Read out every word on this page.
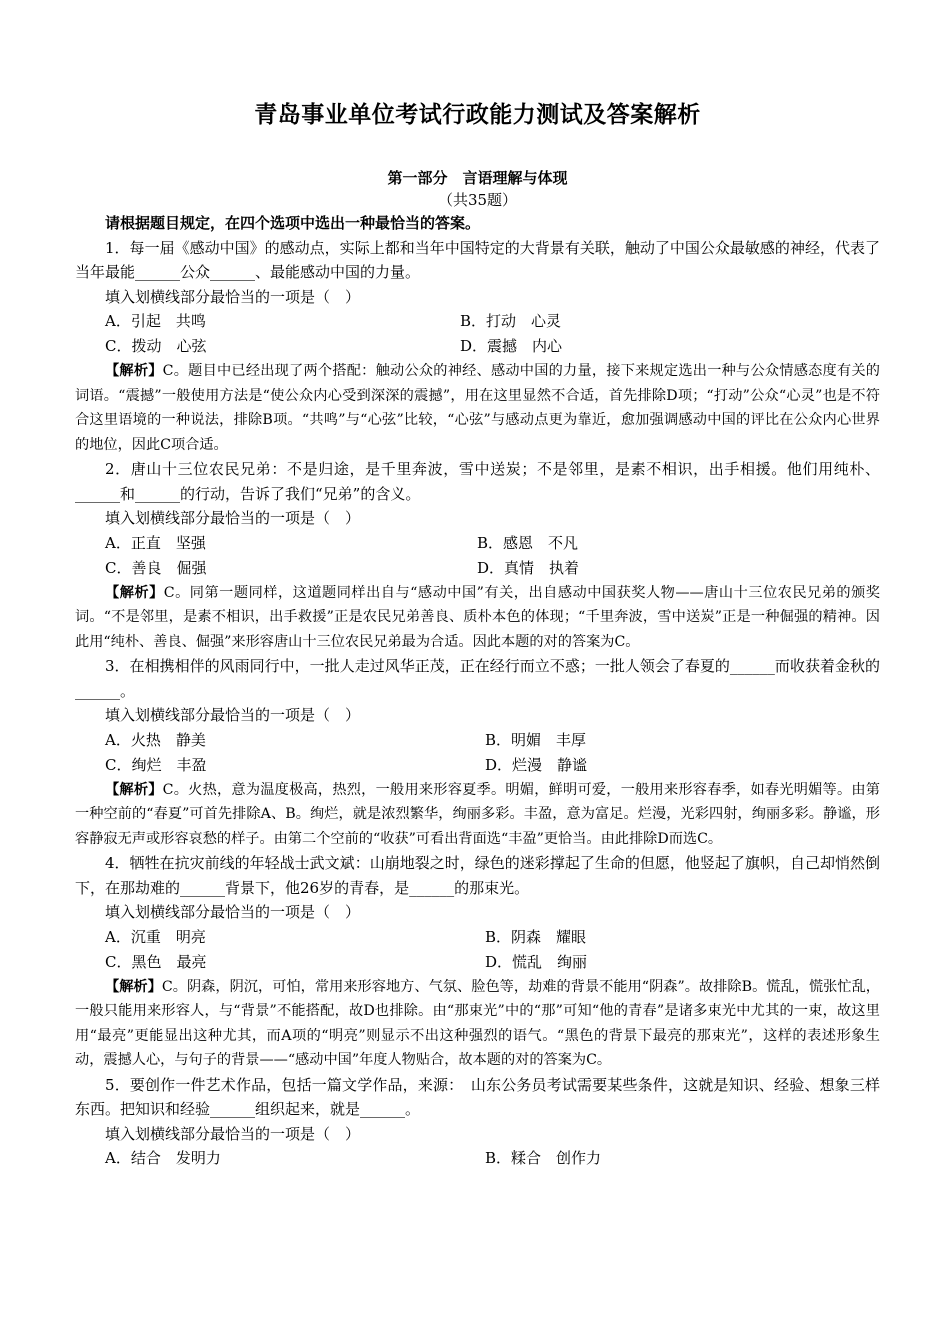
青岛事业单位考试行政能力测试及答案解析
第一部分　言语理解与体现
（共35题）
请根据题目规定，在四个选项中选出一种最恰当的答案。
1．每一届《感动中国》的感动点，实际上都和当年中国特定的大背景有关联，触动了中国公众最敏感的神经，代表了当年最能______公众______、最能感动中国的力量。
填入划横线部分最恰当的一项是（　）
A．引起　共鸣	B．打动　心灵
C．拨动　心弦	D．震撼　内心
【解析】C。题目中已经出现了两个搭配：触动公众的神经、感动中国的力量，接下来规定选出一种与公众情感态度有关的词语。“震撼”一般使用方法是“使公众内心受到深深的震撼”，用在这里显然不合适，首先排除D项；“打动”公众“心灵”也是不符合这里语境的一种说法，排除B项。“共鸣”与“心弦”比较，“心弦”与感动点更为靠近，愈加强调感动中国的评比在公众内心世界的地位，因此C项合适。
2．唐山十三位农民兄弟：不是归途，是千里奔波，雪中送炭；不是邻里，是素不相识，出手相援。他们用纯朴、______和______的行动，告诉了我们“兄弟”的含义。
填入划横线部分最恰当的一项是（　）
A．正直　坚强	B．感恩　不凡
C．善良　倔强	D．真情　执着
【解析】C。同第一题同样，这道题同样出自与“感动中国”有关，出自感动中国获奖人物——唐山十三位农民兄弟的颁奖词。“不是邻里，是素不相识，出手救援”正是农民兄弟善良、质朴本色的体现；“千里奔波，雪中送炭”正是一种倔强的精神。因此用“纯朴、善良、倔强”来形容唐山十三位农民兄弟最为合适。因此本题的对的答案为C。
3．在相携相伴的风雨同行中，一批人走过风华正茂，正在经行而立不惑；一批人领会了春夏的______而收获着金秋的______。
填入划横线部分最恰当的一项是（　）
A．火热　静美	B．明媚　丰厚
C．绚烂　丰盈	D．烂漫　静谧
【解析】C。火热，意为温度极高，热烈，一般用来形容夏季。明媚，鲜明可爱，一般用来形容春季，如春光明媚等。由第一种空前的“春夏”可首先排除A、B。绚烂，就是浓烈繁华，绚丽多彩。丰盈，意为富足。烂漫，光彩四射，绚丽多彩。静谧，形容静寂无声或形容哀愁的样子。由第二个空前的“收获”可看出背面选“丰盈”更恰当。由此排除D而选C。
4．牺牲在抗灾前线的年轻战士武文斌：山崩地裂之时，绿色的迷彩撑起了生命的但愿，他竖起了旗帜，自己却悄然倒下，在那劫难的______背景下，他26岁的青春，是______的那束光。
填入划横线部分最恰当的一项是（　）
A．沉重　明亮	B．阴森　耀眼
C．黑色　最亮	D．慌乱　绚丽
【解析】C。阴森，阴沉，可怕，常用来形容地方、气氛、脸色等，劫难的背景不能用“阴森”。故排除B。慌乱，慌张忙乱，一般只能用来形容人，与“背景”不能搭配，故D也排除。由“那束光”中的“那”可知“他的青春”是诸多束光中尤其的一束，故这里用“最亮”更能显出这种尤其，而A项的“明亮”则显示不出这种强烈的语气。“黑色的背景下最亮的那束光”，这样的表述形象生动，震撼人心，与句子的背景——“感动中国”年度人物贴合，故本题的对的答案为C。
5．要创作一件艺术作品，包括一篇文学作品，来源：　山东公务员考试需要某些条件，这就是知识、经验、想象三样东西。把知识和经验______组织起来，就是______。
填入划横线部分最恰当的一项是（　）
A．结合　发明力	B．糅合　创作力
